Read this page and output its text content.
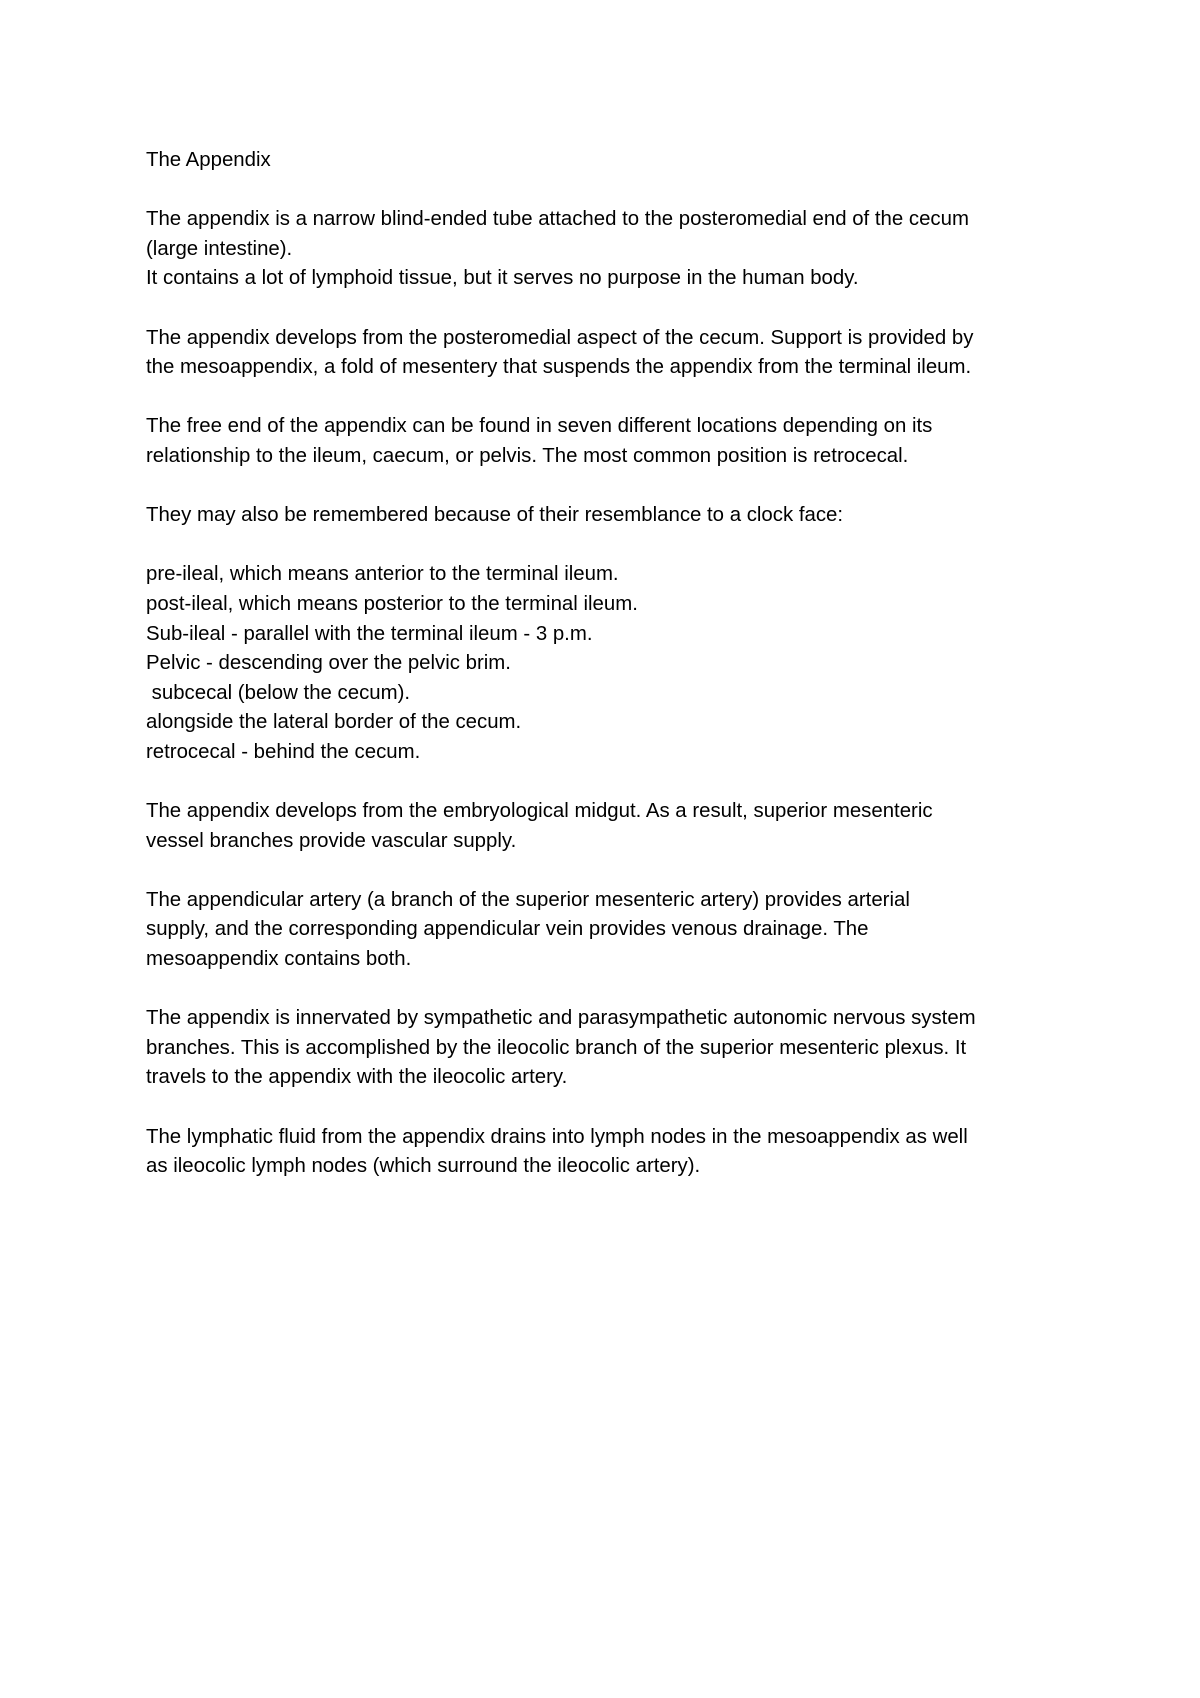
The Appendix

The appendix is a narrow blind-ended tube attached to the posteromedial end of the cecum

(large intestine).

It contains a lot of lymphoid tissue, but it serves no purpose in the human body.

The appendix develops from the posteromedial aspect of the cecum. Support is provided by

the mesoappendix, a fold of mesentery that suspends the appendix from the terminal ileum.

The free end of the appendix can be found in seven different locations depending on its

relationship to the ileum, caecum, or pelvis. The most common position is retrocecal.

They may also be remembered because of their resemblance to a clock face:

pre-ileal, which means anterior to the terminal ileum.

post-ileal, which means posterior to the terminal ileum.

Sub-ileal - parallel with the terminal ileum - 3 p.m.

Pelvic - descending over the pelvic brim.

subcecal (below the cecum).

alongside the lateral border of the cecum.

retrocecal - behind the cecum.

The appendix develops from the embryological midgut. As a result, superior mesenteric

vessel branches provide vascular supply.

The appendicular artery (a branch of the superior mesenteric artery) provides arterial

supply, and the corresponding appendicular vein provides venous drainage. The

mesoappendix contains both.

The appendix is innervated by sympathetic and parasympathetic autonomic nervous system

branches. This is accomplished by the ileocolic branch of the superior mesenteric plexus. It

travels to the appendix with the ileocolic artery.

The lymphatic fluid from the appendix drains into lymph nodes in the mesoappendix as well

as ileocolic lymph nodes (which surround the ileocolic artery).
